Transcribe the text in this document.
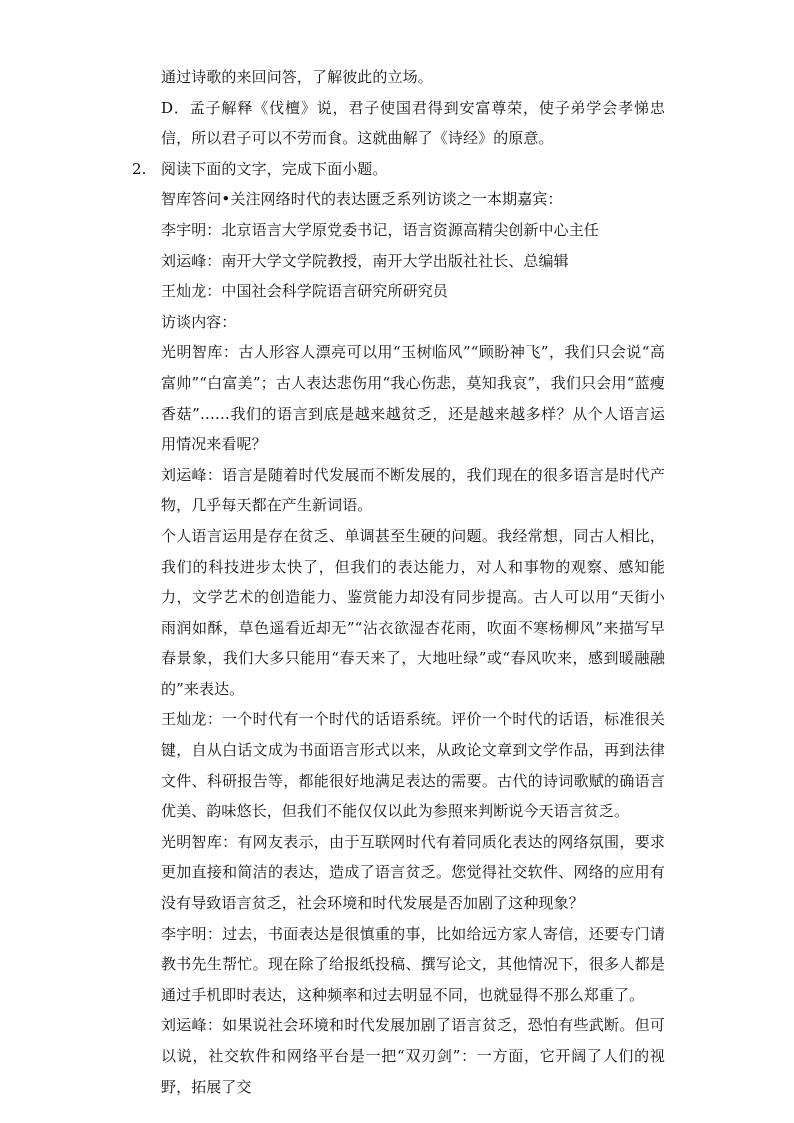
通过诗歌的来回问答，了解彼此的立场。

D．孟子解释《伐檀》说，君子使国君得到安富尊荣，使子弟学会孝悌忠信，所以君子可以不劳而食。这就曲解了《诗经》的原意。

2. 阅读下面的文字，完成下面小题。

智库答问•关注网络时代的表达匮乏系列访谈之一本期嘉宾：

李宇明：北京语言大学原党委书记，语言资源高精尖创新中心主任

刘运峰：南开大学文学院教授，南开大学出版社社长、总编辑

王灿龙：中国社会科学院语言研究所研究员

访谈内容：

光明智库：古人形容人漂亮可以用“玉树临风”“顾盼神飞”，我们只会说“高富帅”“白富美”；古人表达悲伤用“我心伤悲，莫知我哀”，我们只会用“蓝瘦香菇”……我们的语言到底是越来越贫乏，还是越来越多样？从个人语言运用情况来看呢？

刘运峰：语言是随着时代发展而不断发展的，我们现在的很多语言是时代产物，几乎每天都在产生新词语。

个人语言运用是存在贫乏、单调甚至生硬的问题。我经常想，同古人相比，我们的科技进步太快了，但我们的表达能力，对人和事物的观察、感知能力，文学艺术的创造能力、鉴赏能力却没有同步提高。古人可以用“天街小雨润如酥，草色遥看近却无”“沾衣欲湿杏花雨，吹面不寒杨柳风”来描写早春景象，我们大多只能用“春天来了，大地吐绿”或“春风吹来，感到暖融融的”来表达。

王灿龙：一个时代有一个时代的话语系统。评价一个时代的话语，标准很关键，自从白话文成为书面语言形式以来，从政论文章到文学作品，再到法律文件、科研报告等，都能很好地满足表达的需要。古代的诗词歌赋的确语言优美、韵味悠长，但我们不能仅仅以此为参照来判断说今天语言贫乏。

光明智库：有网友表示，由于互联网时代有着同质化表达的网络氛围，要求更加直接和简洁的表达，造成了语言贫乏。您觉得社交软件、网络的应用有没有导致语言贫乏，社会环境和时代发展是否加剧了这种现象？

李宇明：过去，书面表达是很慎重的事，比如给远方家人寄信，还要专门请教书先生帮忙。现在除了给报纸投稿、撰写论文，其他情况下，很多人都是通过手机即时表达，这种频率和过去明显不同，也就显得不那么郑重了。

刘运峰：如果说社会环境和时代发展加剧了语言贫乏，恐怕有些武断。但可以说，社交软件和网络平台是一把“双刃剑”：一方面，它开阔了人们的视野，拓展了交
